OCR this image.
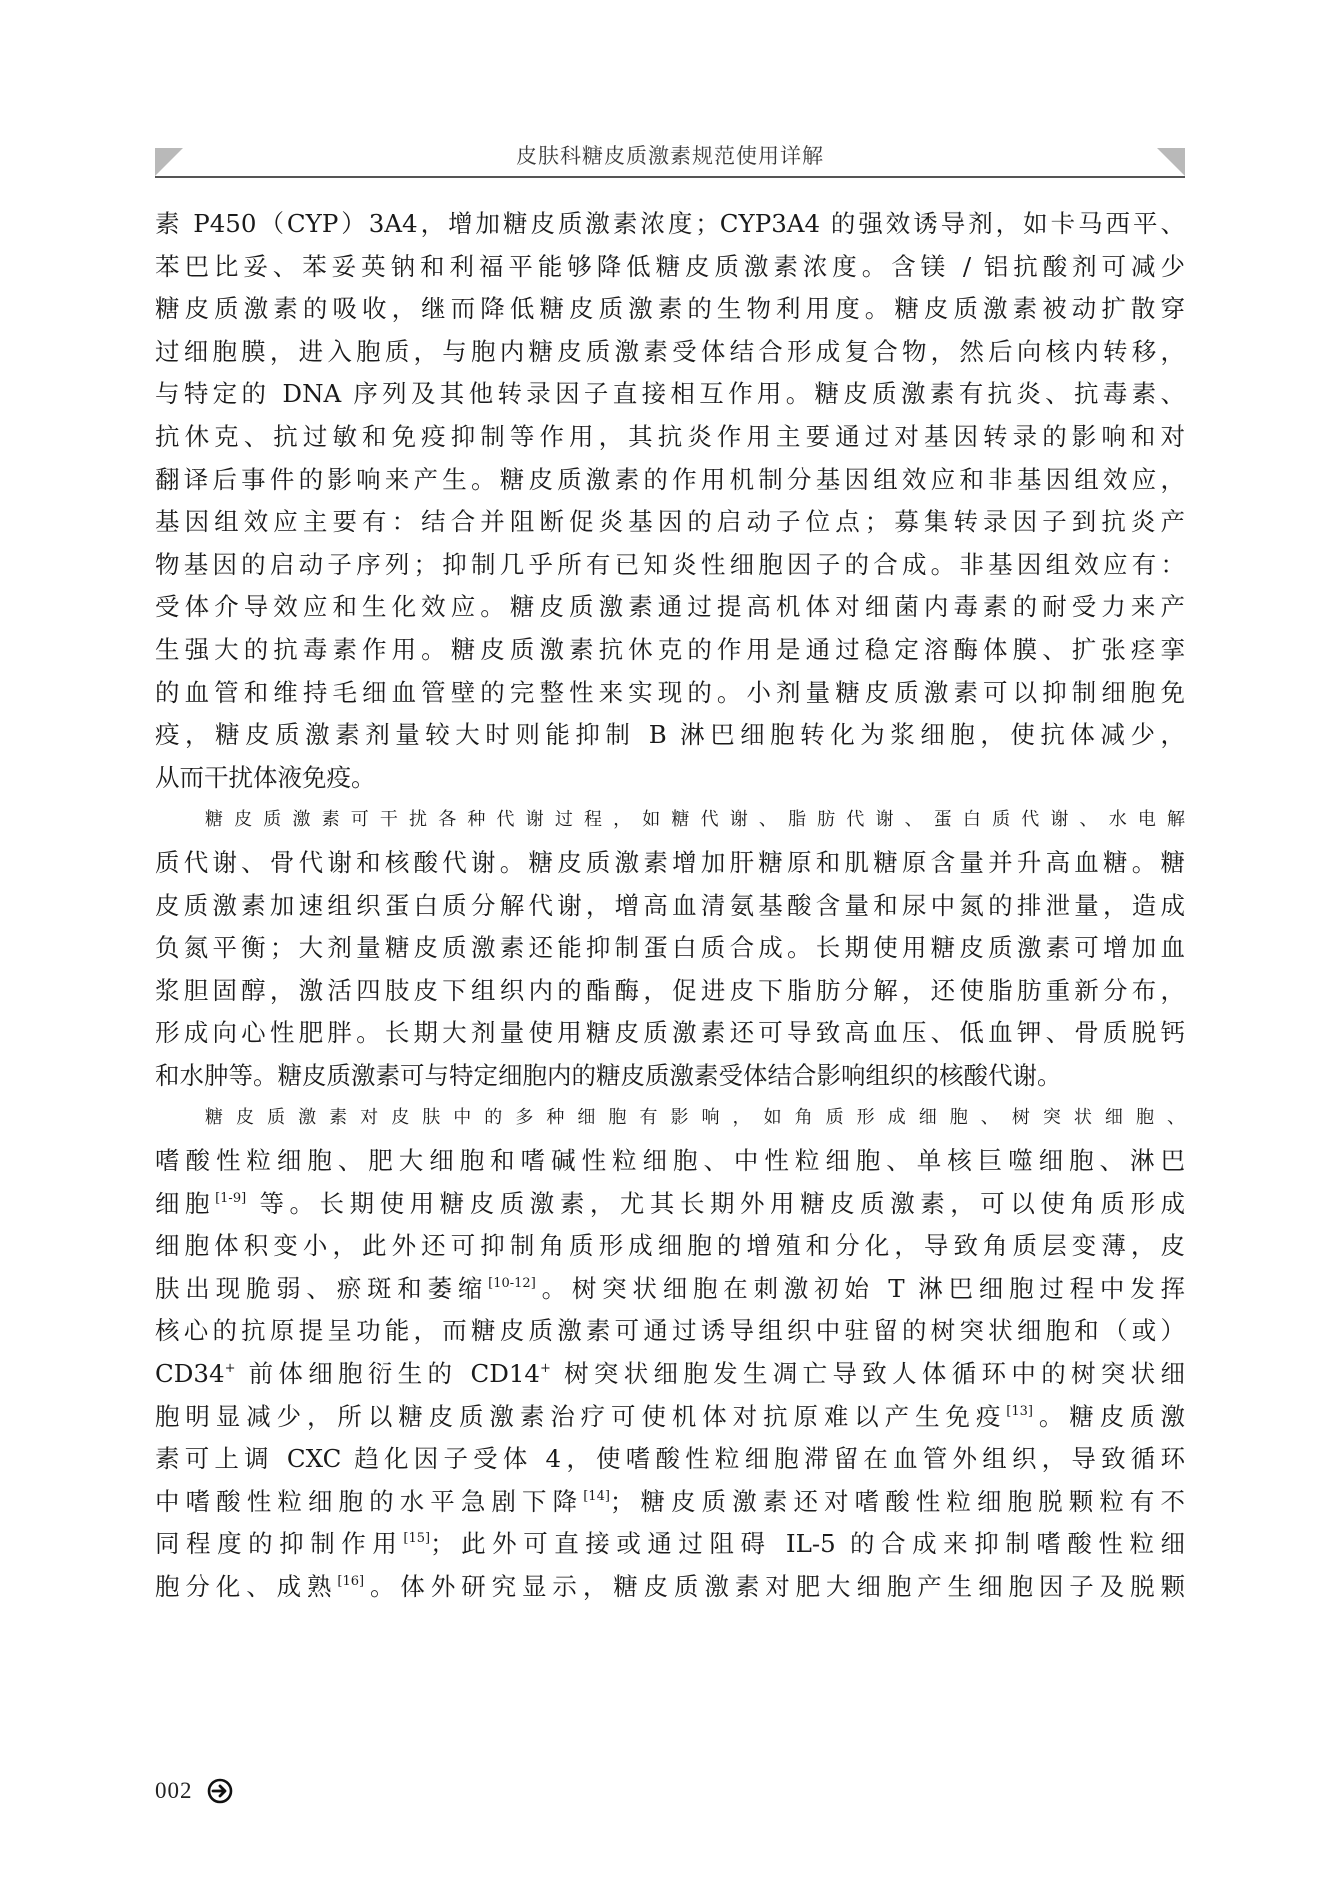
皮肤科糖皮质激素规范使用详解
素 P450（CYP）3A4，增加糖皮质激素浓度；CYP3A4 的强效诱导剂，如卡马西平、
苯巴比妥、苯妥英钠和利福平能够降低糖皮质激素浓度。含镁 / 铝抗酸剂可减少
糖皮质激素的吸收，继而降低糖皮质激素的生物利用度。糖皮质激素被动扩散穿
过细胞膜，进入胞质，与胞内糖皮质激素受体结合形成复合物，然后向核内转移，
与特定的 DNA 序列及其他转录因子直接相互作用。糖皮质激素有抗炎、抗毒素、
抗休克、抗过敏和免疫抑制等作用，其抗炎作用主要通过对基因转录的影响和对
翻译后事件的影响来产生。糖皮质激素的作用机制分基因组效应和非基因组效应，
基因组效应主要有：结合并阻断促炎基因的启动子位点；募集转录因子到抗炎产
物基因的启动子序列；抑制几乎所有已知炎性细胞因子的合成。非基因组效应有：
受体介导效应和生化效应。糖皮质激素通过提高机体对细菌内毒素的耐受力来产
生强大的抗毒素作用。糖皮质激素抗休克的作用是通过稳定溶酶体膜、扩张痉挛
的血管和维持毛细血管壁的完整性来实现的。小剂量糖皮质激素可以抑制细胞免
疫，糖皮质激素剂量较大时则能抑制 B 淋巴细胞转化为浆细胞，使抗体减少，
从而干扰体液免疫。
糖皮质激素可干扰各种代谢过程，如糖代谢、脂肪代谢、蛋白质代谢、水电解
质代谢、骨代谢和核酸代谢。糖皮质激素增加肝糖原和肌糖原含量并升高血糖。糖
皮质激素加速组织蛋白质分解代谢，增高血清氨基酸含量和尿中氮的排泄量，造成
负氮平衡；大剂量糖皮质激素还能抑制蛋白质合成。长期使用糖皮质激素可增加血
浆胆固醇，激活四肢皮下组织内的酯酶，促进皮下脂肪分解，还使脂肪重新分布，
形成向心性肥胖。长期大剂量使用糖皮质激素还可导致高血压、低血钾、骨质脱钙
和水肿等。糖皮质激素可与特定细胞内的糖皮质激素受体结合影响组织的核酸代谢。
糖皮质激素对皮肤中的多种细胞有影响，如角质形成细胞、树突状细胞、
嗜酸性粒细胞、肥大细胞和嗜碱性粒细胞、中性粒细胞、单核巨噬细胞、淋巴
细胞[1-9] 等。长期使用糖皮质激素，尤其长期外用糖皮质激素，可以使角质形成
细胞体积变小，此外还可抑制角质形成细胞的增殖和分化，导致角质层变薄，皮
肤出现脆弱、瘀斑和萎缩[10-12]。树突状细胞在刺激初始 T 淋巴细胞过程中发挥
核心的抗原提呈功能，而糖皮质激素可通过诱导组织中驻留的树突状细胞和（或）
CD34+ 前体细胞衍生的 CD14+ 树突状细胞发生凋亡导致人体循环中的树突状细
胞明显减少，所以糖皮质激素治疗可使机体对抗原难以产生免疫[13]。糖皮质激
素可上调 CXC 趋化因子受体 4，使嗜酸性粒细胞滞留在血管外组织，导致循环
中嗜酸性粒细胞的水平急剧下降[14]；糖皮质激素还对嗜酸性粒细胞脱颗粒有不
同程度的抑制作用[15]；此外可直接或通过阻碍 IL-5 的合成来抑制嗜酸性粒细
胞分化、成熟[16]。体外研究显示，糖皮质激素对肥大细胞产生细胞因子及脱颗
002
